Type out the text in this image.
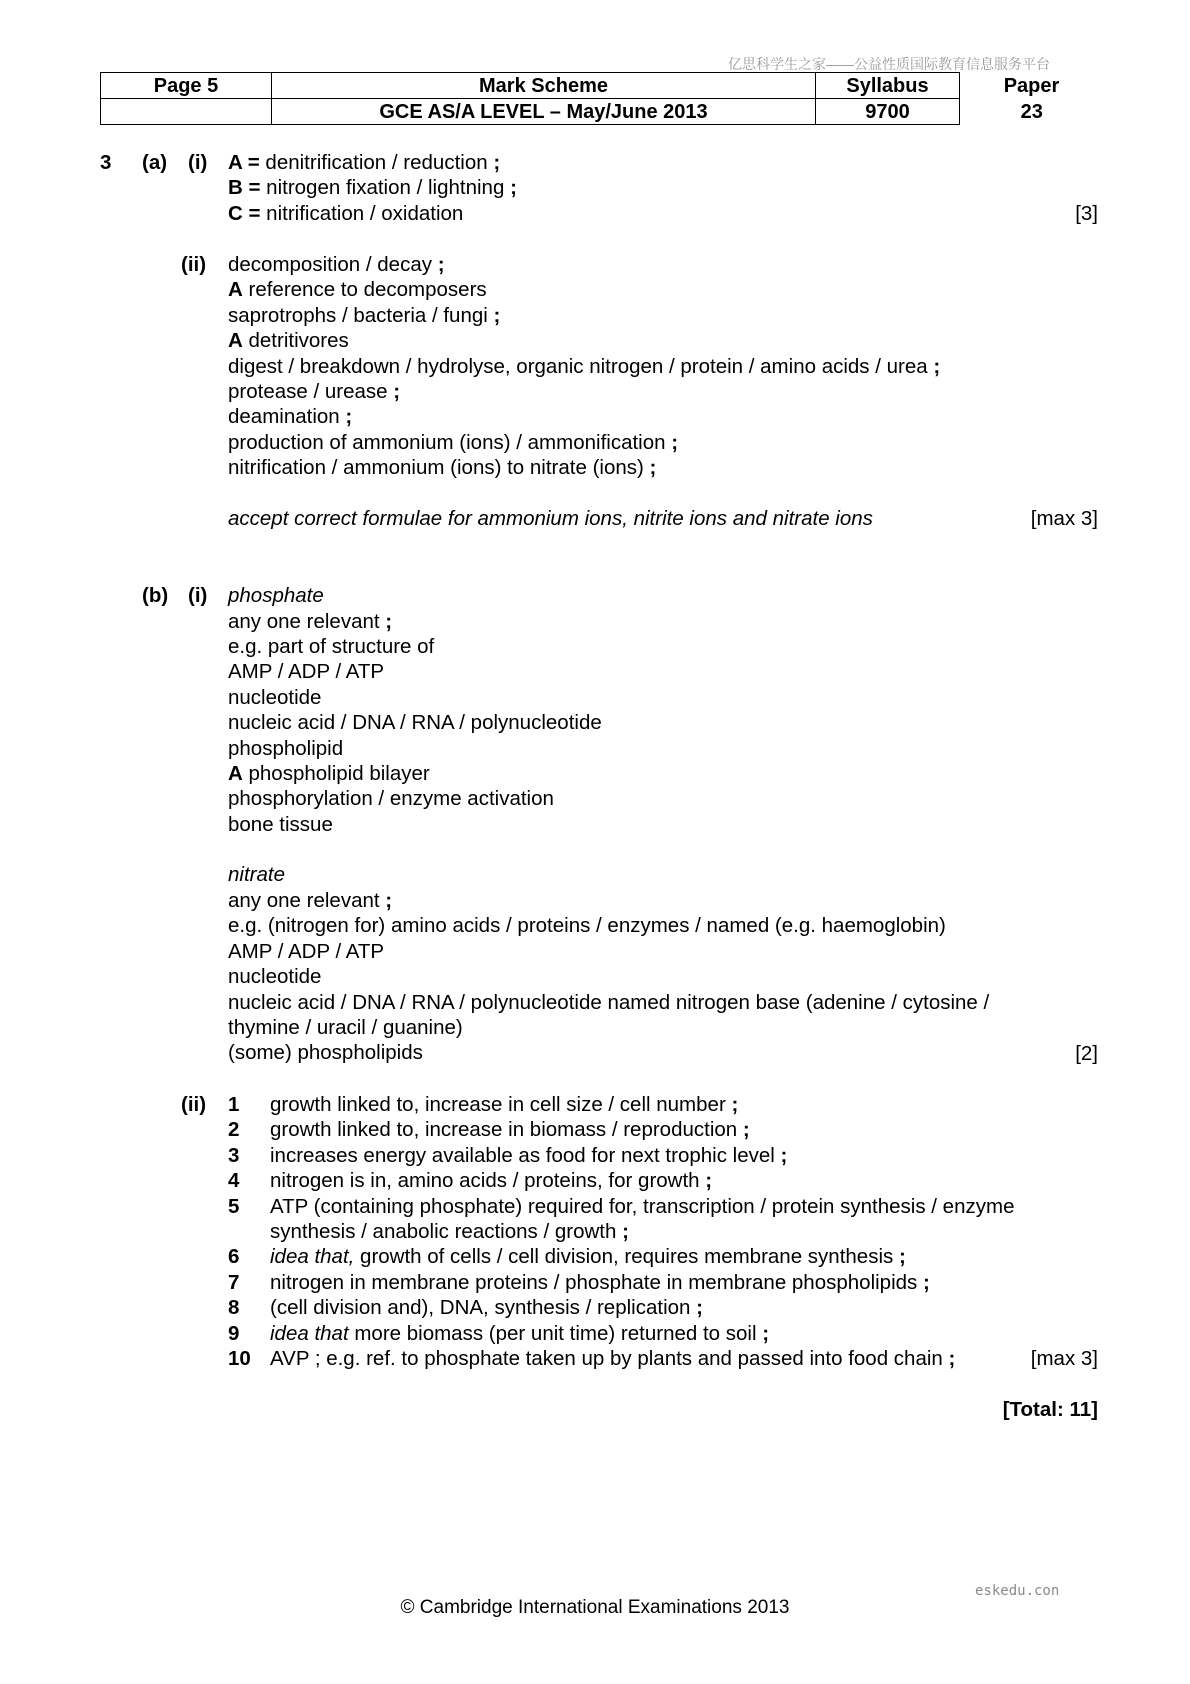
亿思科学生之家——公益性质国际教育信息服务平台
Page 5	Mark Scheme	Syllabus	Paper
	GCE AS/A LEVEL – May/June 2013	9700	23
3 (a) (i) A = denitrification / reduction ;
B = nitrogen fixation / lightning ;
C = nitrification / oxidation	[3]
(ii) decomposition / decay ;
A reference to decomposers
saprotrophs / bacteria / fungi ;
A detritivores
digest / breakdown / hydrolyse, organic nitrogen / protein / amino acids / urea ;
protease / urease ;
deamination ;
production of ammonium (ions) / ammonification ;
nitrification / ammonium (ions) to nitrate (ions) ;
accept correct formulae for ammonium ions, nitrite ions and nitrate ions	[max 3]
(b) (i) phosphate
any one relevant ;
e.g. part of structure of
AMP / ADP / ATP
nucleotide
nucleic acid / DNA / RNA / polynucleotide
phospholipid
A phospholipid bilayer
phosphorylation / enzyme activation
bone tissue
nitrate
any one relevant ;
e.g. (nitrogen for) amino acids / proteins / enzymes / named (e.g. haemoglobin)
AMP / ADP / ATP
nucleotide
nucleic acid / DNA / RNA / polynucleotide named nitrogen base (adenine / cytosine /
thymine / uracil / guanine)
(some) phospholipids	[2]
(ii) 1 growth linked to, increase in cell size / cell number ;
2 growth linked to, increase in biomass / reproduction ;
3 increases energy available as food for next trophic level ;
4 nitrogen is in, amino acids / proteins, for growth ;
5 ATP (containing phosphate) required for, transcription / protein synthesis / enzyme
synthesis / anabolic reactions / growth ;
6 idea that, growth of cells / cell division, requires membrane synthesis ;
7 nitrogen in membrane proteins / phosphate in membrane phospholipids ;
8 (cell division and), DNA, synthesis / replication ;
9 idea that more biomass (per unit time) returned to soil ;
10 AVP ; e.g. ref. to phosphate taken up by plants and passed into food chain ;	[max 3]
[Total: 11]
eskedu.con
© Cambridge International Examinations 2013
